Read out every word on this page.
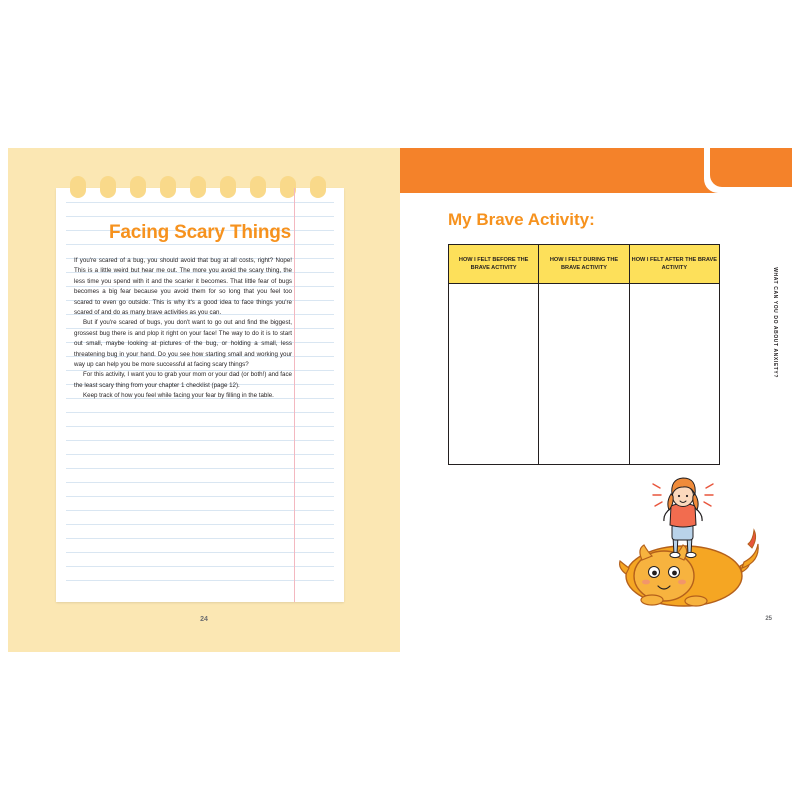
Facing Scary Things

If you're scared of a bug, you should avoid that bug at all costs, right? Nope! This is a little weird but hear me out. The more you avoid the scary thing, the less time you spend with it and the scarier it becomes. That little fear of bugs becomes a big fear because you avoid them for so long that you feel too scared to even go outside. This is why it's a good idea to face things you're scared of and do as many brave activities as you can.

But if you're scared of bugs, you don't want to go out and find the biggest, grossest bug there is and plop it right on your face! The way to do it is to start out small, maybe looking at pictures of the bug, or holding a small, less threatening bug in your hand. Do you see how starting small and working your way up can help you be more successful at facing scary things?

For this activity, I want you to grab your mom or your dad (or both!) and face the least scary thing from your chapter 1 checklist (page 12).

Keep track of how you feel while facing your fear by filling in the table.

24
My Brave Activity:
HOW I FELT BEFORE THE BRAVE ACTIVITY	HOW I FELT DURING THE BRAVE ACTIVITY	HOW I FELT AFTER THE BRAVE ACTIVITY
			WHAT CAN YOU DO ABOUT ANXIETY?
25
